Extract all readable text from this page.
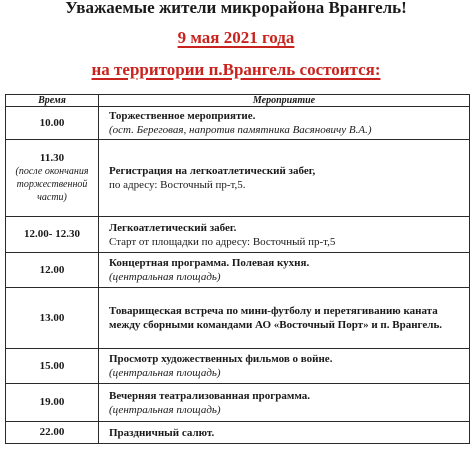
Уважаемые жители микрорайона Врангель!
9 мая 2021 года
на территории п.Врангель состоится:
Время	Мероприятие

10.00	Торжественное мероприятие.
(ост. Береговая, напротив памятника Васяновичу В.А.)

11.30
(после окончания торжественной части)	Регистрация на легкоатлетический забег,
по адресу: Восточный пр-т,5.

12.00- 12.30	Легкоатлетический забег.
Старт от площадки по адресу: Восточный пр-т,5

12.00	Концертная программа. Полевая кухня.
(центральная площадь)

13.00	Товарищеская встреча по мини-футболу и перетягиванию каната между сборными командами АО «Восточный Порт» и п. Врангель.

15.00	Просмотр художественных фильмов о войне.
(центральная площадь)

19.00	Вечерняя театрализованная программа.
(центральная площадь)

22.00	Праздничный салют.
